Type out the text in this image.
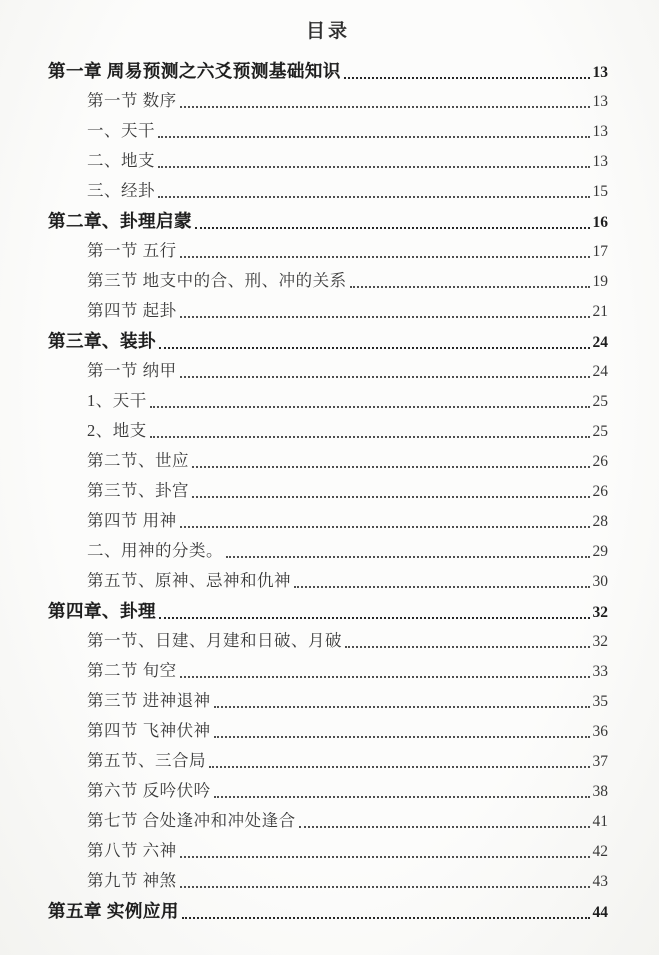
目录
第一章 周易预测之六爻预测基础知识	13
第一节 数序	13
一、天干	13
二、地支	13
三、经卦	15
第二章、卦理启蒙	16
第一节 五行	17
第三节 地支中的合、刑、冲的关系	19
第四节 起卦	21
第三章、装卦	24
第一节 纳甲	24
1、天干	25
2、地支	25
第二节、世应	26
第三节、卦宫	26
第四节 用神	28
二、用神的分类。	29
第五节、原神、忌神和仇神	30
第四章、卦理	32
第一节、日建、月建和日破、月破	32
第二节 旬空	33
第三节 进神退神	35
第四节 飞神伏神	36
第五节、三合局	37
第六节 反吟伏吟	38
第七节 合处逢冲和冲处逢合	41
第八节 六神	42
第九节 神煞	43
第五章 实例应用	44
